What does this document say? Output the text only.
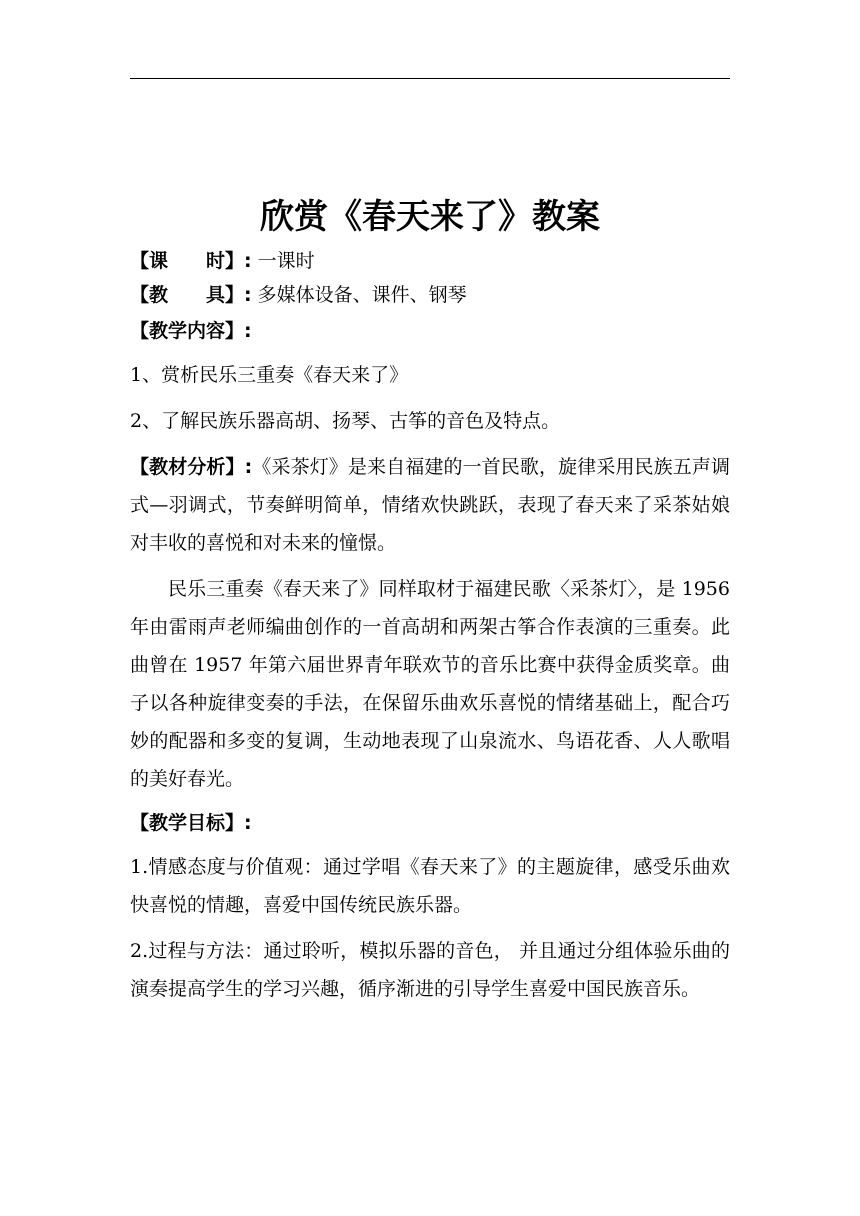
欣赏《春天来了》教案
【课　　时】: 一课时
【教　　具】: 多媒体设备、课件、钢琴
【教学内容】:
1、赏析民乐三重奏《春天来了》
2、了解民族乐器高胡、扬琴、古筝的音色及特点。
【教材分析】:《采茶灯》是来自福建的一首民歌，旋律采用民族五声调式—羽调式，节奏鲜明简单，情绪欢快跳跃，表现了春天来了采茶姑娘对丰收的喜悦和对未来的憧憬。
民乐三重奏《春天来了》同样取材于福建民歌〈采茶灯〉，是 1956 年由雷雨声老师编曲创作的一首高胡和两架古筝合作表演的三重奏。此曲曾在 1957 年第六届世界青年联欢节的音乐比赛中获得金质奖章。曲子以各种旋律变奏的手法，在保留乐曲欢乐喜悦的情绪基础上，配合巧妙的配器和多变的复调，生动地表现了山泉流水、鸟语花香、人人歌唱的美好春光。
【教学目标】:
1.情感态度与价值观：通过学唱《春天来了》的主题旋律，感受乐曲欢快喜悦的情趣，喜爱中国传统民族乐器。
2.过程与方法：通过聆听，模拟乐器的音色， 并且通过分组体验乐曲的演奏提高学生的学习兴趣，循序渐进的引导学生喜爱中国民族音乐。
